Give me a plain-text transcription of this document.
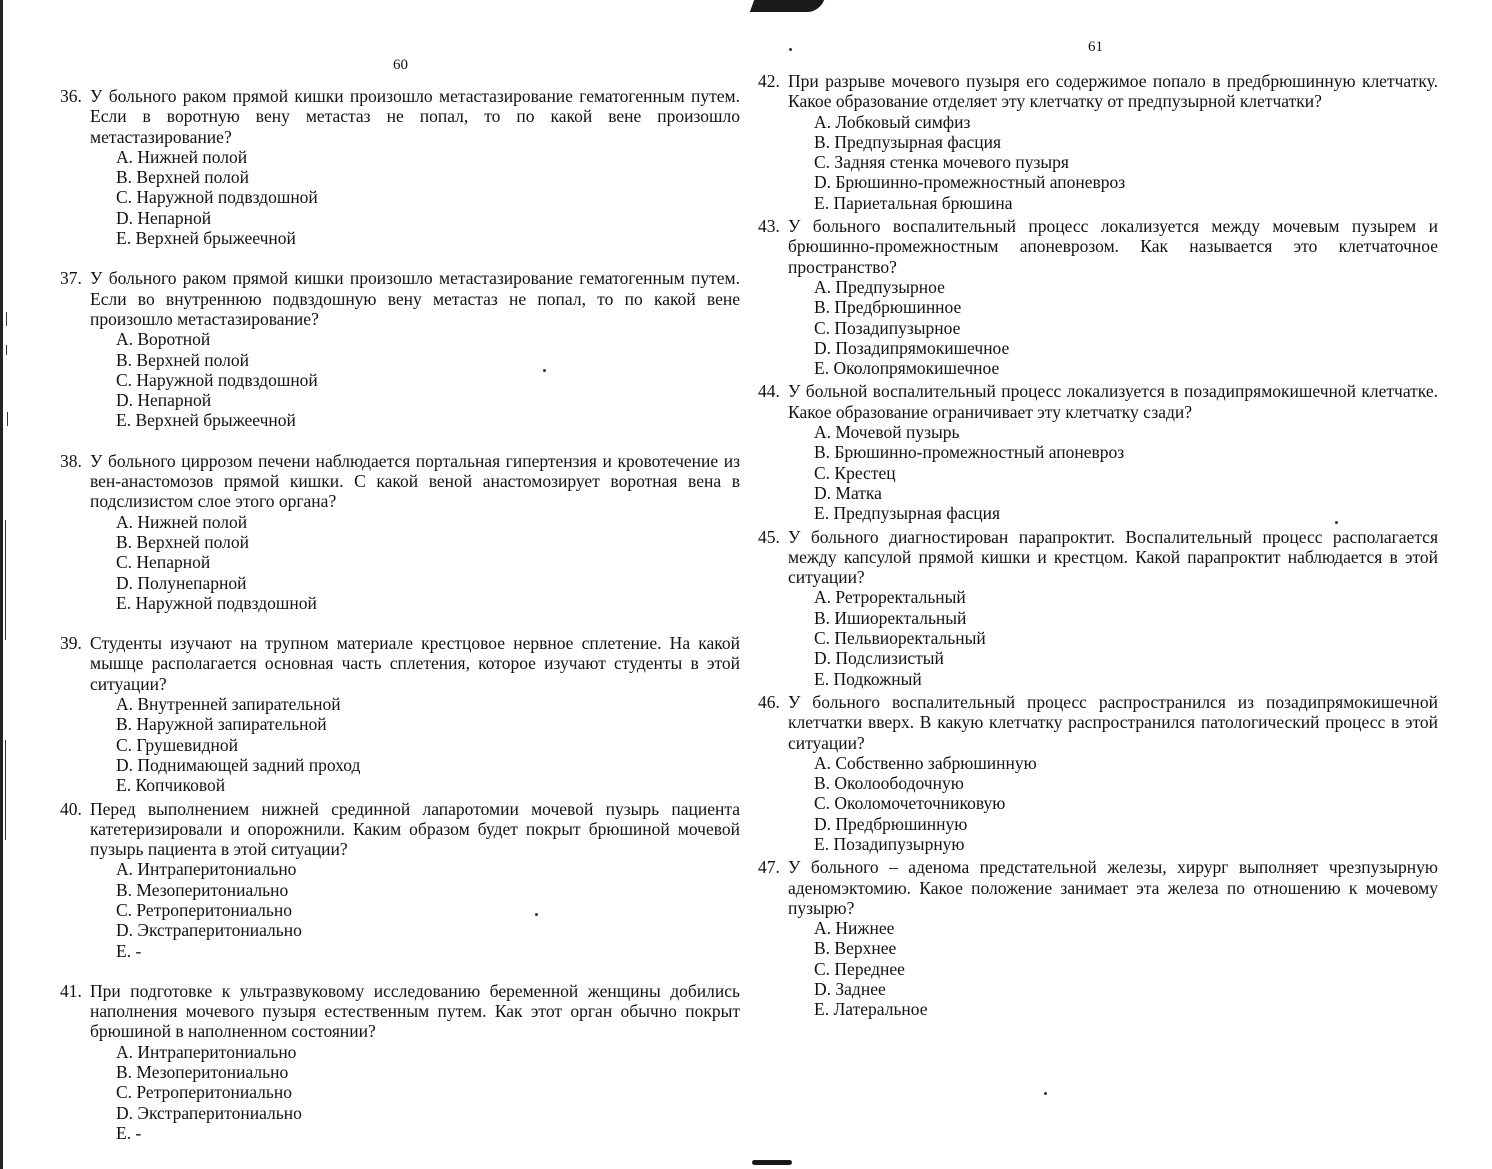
60
36. У больного раком прямой кишки произошло метастазирование гематогенным путем. Если в воротную вену метастаз не попал, то по какой вене произошло метастазирование?
A. Нижней полой
B. Верхней полой
C. Наружной подвздошной
D. Непарной
E. Верхней брыжеечной
37. У больного раком прямой кишки произошло метастазирование гематогенным путем. Если во внутреннюю подвздошную вену метастаз не попал, то по какой вене произошло метастазирование?
A. Воротной
B. Верхней полой
C. Наружной подвздошной
D. Непарной
E. Верхней брыжеечной
38. У больного циррозом печени наблюдается портальная гипертензия и кровотечение из вен-анастомозов прямой кишки. С какой веной анастомозирует воротная вена в подслизистом слое этого органа?
A. Нижней полой
B. Верхней полой
C. Непарной
D. Полунепарной
E. Наружной подвздошной
39. Студенты изучают на трупном материале крестцовое нервное сплетение. На какой мышце располагается основная часть сплетения, которое изучают студенты в этой ситуации?
A. Внутренней запирательной
B. Наружной запирательной
C. Грушевидной
D. Поднимающей задний проход
E. Копчиковой
40. Перед выполнением нижней срединной лапаротомии мочевой пузырь пациента катетеризировали и опорожнили. Каким образом будет покрыт брюшиной мочевой пузырь пациента в этой ситуации?
A. Интраперитониально
B. Мезоперитониально
C. Ретроперитониально
D. Экстраперитониально
E. -
41. При подготовке к ультразвуковому исследованию беременной женщины добились наполнения мочевого пузыря естественным путем. Как этот орган обычно покрыт брюшиной в наполненном состоянии?
A. Интраперитониально
B. Мезоперитониально
C. Ретроперитониально
D. Экстраперитониально
E. -
61
42. При разрыве мочевого пузыря его содержимое попало в предбрюшинную клетчатку. Какое образование отделяет эту клетчатку от предпузырной клетчатки?
A. Лобковый симфиз
B. Предпузырная фасция
C. Задняя стенка мочевого пузыря
D. Брюшинно-промежностный апоневроз
E. Париетальная брюшина
43. У больного воспалительный процесс локализуется между мочевым пузырем и брюшинно-промежностным апоневрозом. Как называется это клетчаточное пространство?
A. Предпузырное
B. Предбрюшинное
C. Позадипузырное
D. Позадипрямокишечное
E. Околопрямокишечное
44. У больной воспалительный процесс локализуется в позадипрямокишечной клетчатке. Какое образование ограничивает эту клетчатку сзади?
A. Мочевой пузырь
B. Брюшинно-промежностный апоневроз
C. Крестец
D. Матка
E. Предпузырная фасция
45. У больного диагностирован парапроктит. Воспалительный процесс располагается между капсулой прямой кишки и крестцом. Какой парапроктит наблюдается в этой ситуации?
A. Ретроректальный
B. Ишиоректальный
C. Пельвиоректальный
D. Подслизистый
E. Подкожный
46. У больного воспалительный процесс распространился из позадипрямокишечной клетчатки вверх. В какую клетчатку распространился патологический процесс в этой ситуации?
A. Собственно забрюшинную
B. Околоободочную
C. Околомочеточниковую
D. Предбрюшинную
E. Позадипузырную
47. У больного – аденома предстательной железы, хирург выполняет чрезпузырную аденомэктомию. Какое положение занимает эта железа по отношению к мочевому пузырю?
A. Нижнее
B. Верхнее
C. Переднее
D. Заднее
E. Латеральное
